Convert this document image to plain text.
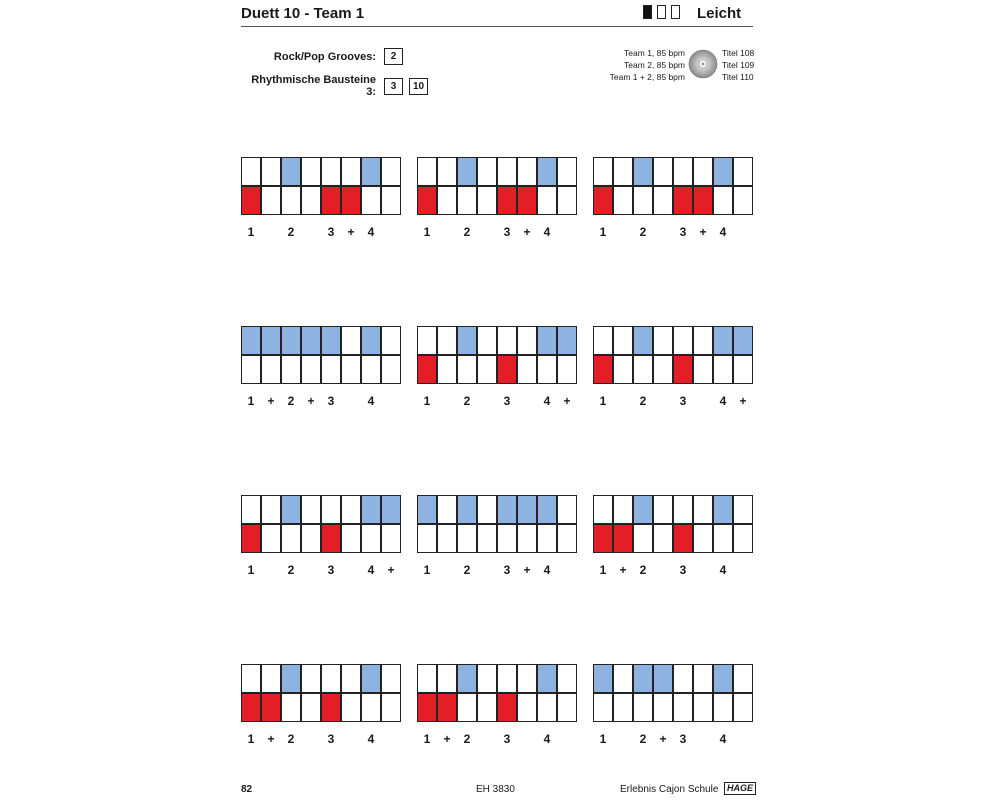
Duett 10 - Team 1	Leicht
Rock/Pop Grooves:	2
Rhythmische Bausteine 3:	3	10
Team 1, 85 bpm
Team 2, 85 bpm
Team 1 + 2, 85 bpm
Titel 108
Titel 109
Titel 110
1	2	3	+	4	1	2	3	+	4	1	2	3	+	4
1	+	2	+	3	4	1	2	3	4	+	1	2	3	4	+
1	2	3	4	+	1	2	3	+	4	1	+	2	3	4
1	+	2	3	4	1	+	2	3	4	1	2	+	3	4
82	EH 3830	Erlebnis Cajon Schule HAGE
